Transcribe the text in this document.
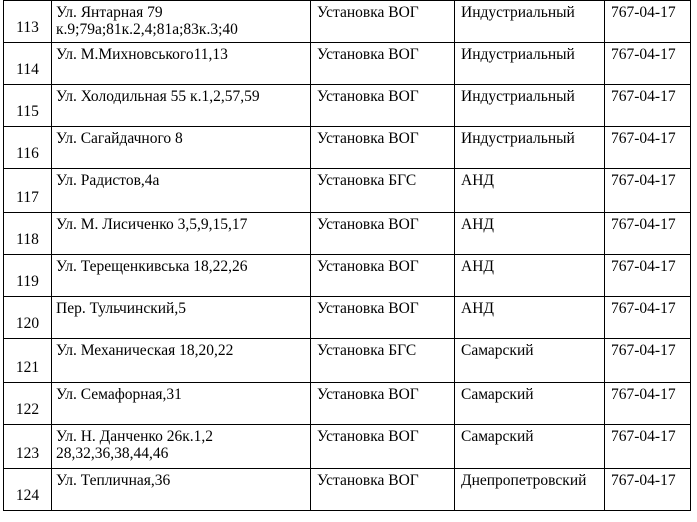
113	Ул. Янтарная 79 к.9;79а;81к.2,4;81а;83к.3;40	Установка ВОГ	Индустриальный	767-04-17
114	Ул. М.Михновського11,13	Установка ВОГ	Индустриальный	767-04-17
115	Ул. Холодильная 55 к.1,2,57,59	Установка ВОГ	Индустриальный	767-04-17
116	Ул. Сагайдачного 8	Установка ВОГ	Индустриальный	767-04-17
117	Ул. Радистов,4а	Установка БГС	АНД	767-04-17
118	Ул. М. Лисиченко 3,5,9,15,17	Установка ВОГ	АНД	767-04-17
119	Ул. Терещенкивська 18,22,26	Установка ВОГ	АНД	767-04-17
120	Пер. Тульчинский,5	Установка ВОГ	АНД	767-04-17
121	Ул. Механическая 18,20,22	Установка БГС	Самарский	767-04-17
122	Ул. Семафорная,31	Установка ВОГ	Самарский	767-04-17
123	Ул. Н. Данченко 26к.1,2 28,32,36,38,44,46	Установка ВОГ	Самарский	767-04-17
124	Ул. Тепличная,36	Установка ВОГ	Днепропетровский	767-04-17
